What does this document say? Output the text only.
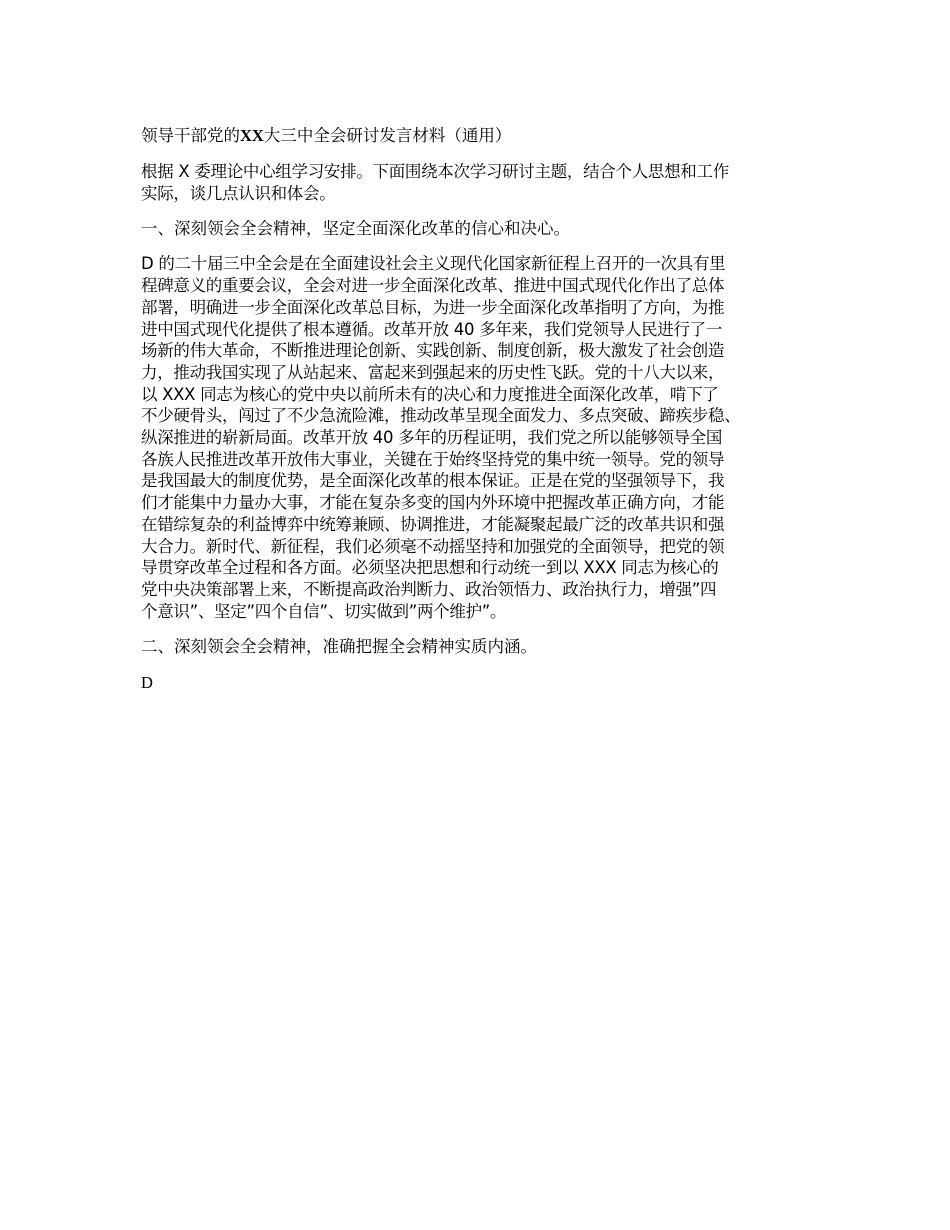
领导干部党的XX大三中全会研讨发言材料（通用）
根据 X 委理论中心组学习安排。下面围绕本次学习研讨主题，结合个人思想和工作
实际，谈几点认识和体会。
一、深刻领会全会精神，坚定全面深化改革的信心和决心。
D 的二十届三中全会是在全面建设社会主义现代化国家新征程上召开的一次具有里
程碑意义的重要会议，全会对进一步全面深化改革、推进中国式现代化作出了总体
部署，明确进一步全面深化改革总目标，为进一步全面深化改革指明了方向，为推
进中国式现代化提供了根本遵循。改革开放 40 多年来，我们党领导人民进行了一
场新的伟大革命，不断推进理论创新、实践创新、制度创新，极大激发了社会创造
力，推动我国实现了从站起来、富起来到强起来的历史性飞跃。党的十八大以来，
以 XXX 同志为核心的党中央以前所未有的决心和力度推进全面深化改革，啃下了
不少硬骨头，闯过了不少急流险滩，推动改革呈现全面发力、多点突破、蹄疾步稳、
纵深推进的崭新局面。改革开放 40 多年的历程证明，我们党之所以能够领导全国
各族人民推进改革开放伟大事业，关键在于始终坚持党的集中统一领导。党的领导
是我国最大的制度优势，是全面深化改革的根本保证。正是在党的坚强领导下，我
们才能集中力量办大事，才能在复杂多变的国内外环境中把握改革正确方向，才能
在错综复杂的利益博弈中统筹兼顾、协调推进，才能凝聚起最广泛的改革共识和强
大合力。新时代、新征程，我们必须毫不动摇坚持和加强党的全面领导，把党的领
导贯穿改革全过程和各方面。必须坚决把思想和行动统一到以 XXX 同志为核心的
党中央决策部署上来，不断提高政治判断力、政治领悟力、政治执行力，增强”四
个意识”、坚定”四个自信”、切实做到”两个维护”。
二、深刻领会全会精神，准确把握全会精神实质内涵。
D
